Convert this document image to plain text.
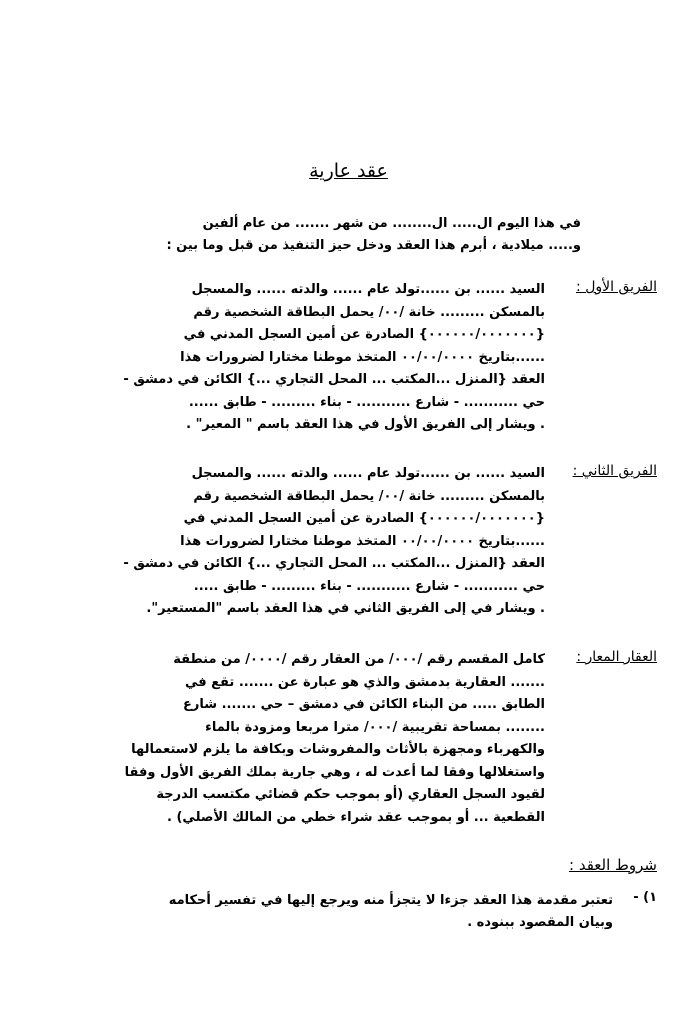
عقد عارية
في هذا اليوم ال..... ال........ من شهر ....... من عام ألفين
و..... ميلادية ، أبرم هذا العقد ودخل حيز التنفيذ من قبل وما بين :
الفريق الأول :
السيد ...... بن ......تولد عام ...... والدته ...... والمسجل
بالمسكن ......... خانة /٠٠/ يحمل البطاقة الشخصية رقم
{٠٠٠٠٠٠/٠٠٠٠٠٠٠} الصادرة عن أمين السجل المدني في
......بتاريخ ٠٠/٠٠/٠٠٠٠ المتخذ موطنا مختارا لضرورات هذا
العقد {المنزل ...المكتب ... المحل التجاري ...} الكائن في دمشق -
حي ........... - شارع ........... - بناء ......... - طابق ......
. ويشار إلى الفريق الأول في هذا العقد باسم " المعير" .
الفريق الثاني :
السيد ...... بن ......تولد عام ...... والدته ...... والمسجل
بالمسكن ......... خانة /٠٠/ يحمل البطاقة الشخصية رقم
{٠٠٠٠٠٠/٠٠٠٠٠٠٠} الصادرة عن أمين السجل المدني في
......بتاريخ ٠٠/٠٠/٠٠٠٠ المتخذ موطنا مختارا لضرورات هذا
العقد {المنزل ...المكتب ... المحل التجاري ...} الكائن في دمشق -
حي ........... - شارع ........... - بناء ......... - طابق .....
. ويشار في إلى الفريق الثاني في هذا العقد باسم "المستعير".
العقار المعار :
كامل المقسم رقم /٠٠٠/ من العقار رقم /٠٠٠٠/ من منطقة
....... العقارية بدمشق والذي هو عبارة عن ....... تقع في
الطابق ..... من البناء الكائن في دمشق – حي ....... شارع
........ بمساحة تقريبية /٠٠٠/ مترا مربعا ومزودة بالماء
والكهرباء ومجهزة بالأثاث والمفروشات وبكافة ما يلزم لاستعمالها
واستغلالها وفقا لما أعدت له ، وهي جارية بملك الفريق الأول وفقا
لقيود السجل العقاري (أو بموجب حكم قضائي مكتسب الدرجة
القطعية ... أو بموجب عقد شراء خطي من المالك الأصلي) .
شروط العقد :
١) -
تعتبر مقدمة هذا العقد جزءا لا يتجزأ منه ويرجع إليها في تفسير أحكامه
وبيان المقصود ببنوده .
